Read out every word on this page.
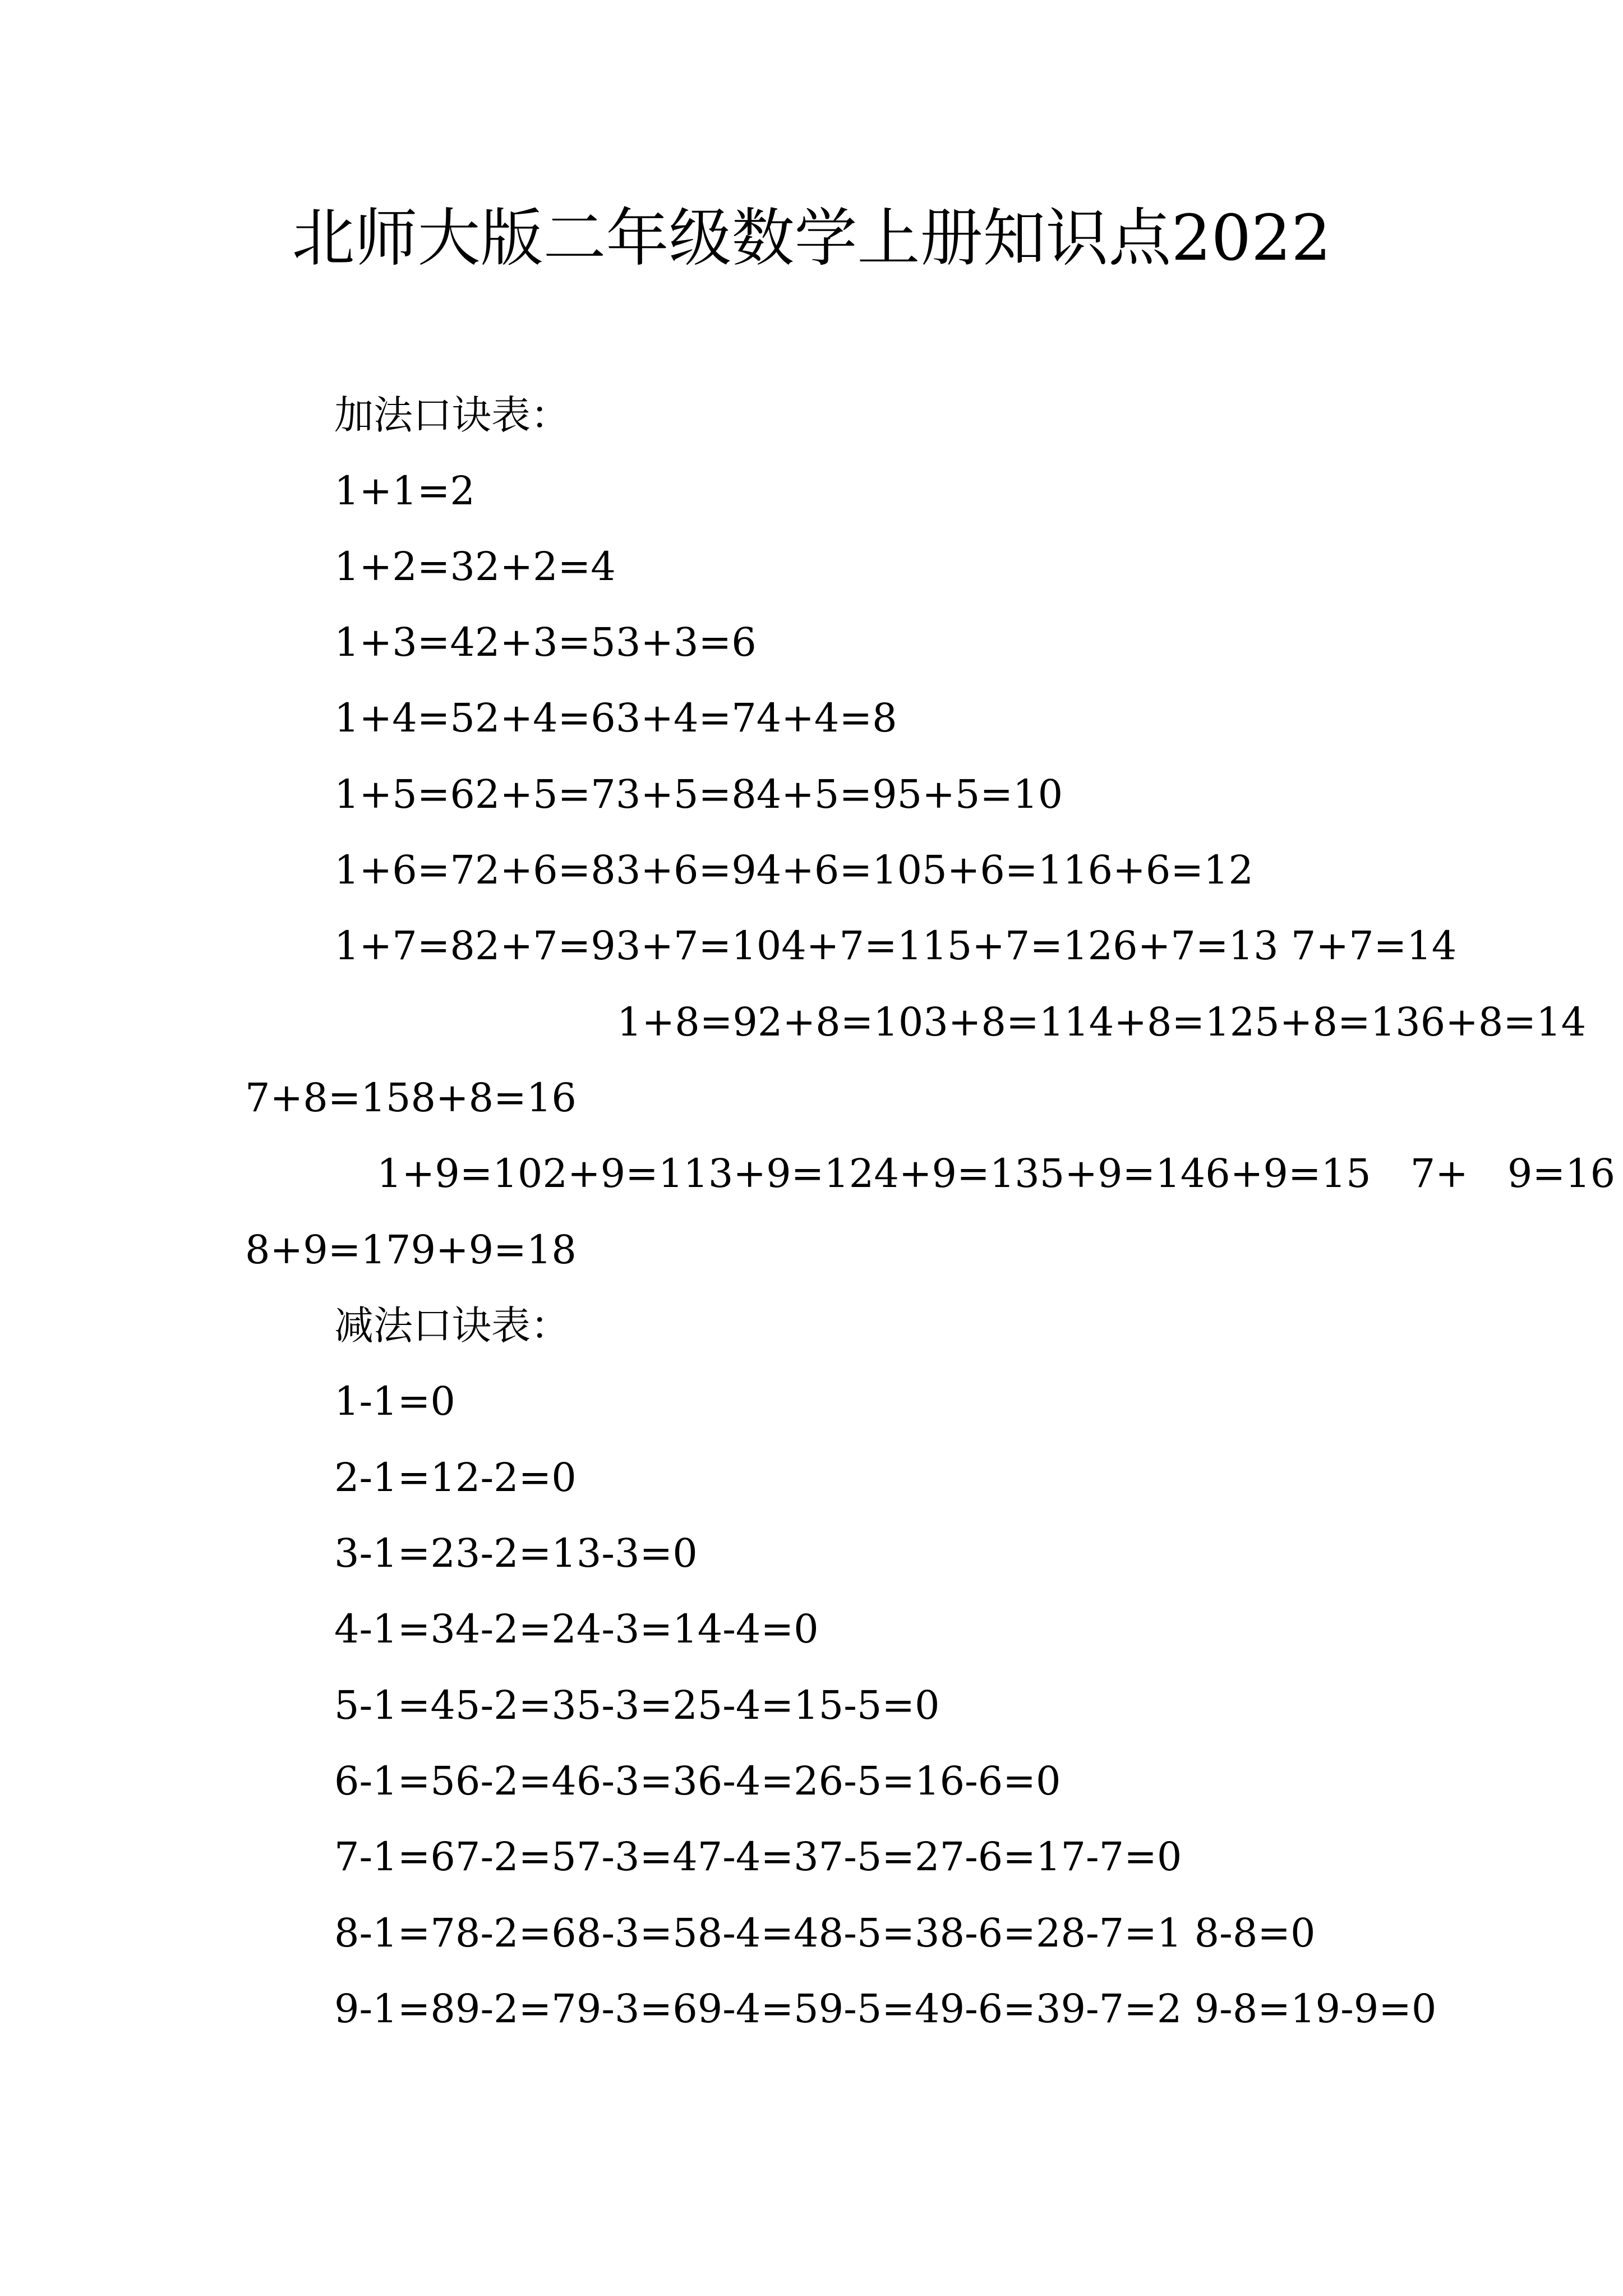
北师大版二年级数学上册知识点2022
加法口诀表：
1+1=2
1+2=32+2=4
1+3=42+3=53+3=6
1+4=52+4=63+4=74+4=8
1+5=62+5=73+5=84+5=95+5=10
1+6=72+6=83+6=94+6=105+6=116+6=12
1+7=82+7=93+7=104+7=115+7=126+7=13 7+7=14
1+8=92+8=103+8=114+8=125+8=136+8=14
7+8=158+8=16
1+9=102+9=113+9=124+9=135+9=146+9=15 7+ 9=16
8+9=179+9=18
减法口诀表：
1-1=0
2-1=12-2=0
3-1=23-2=13-3=0
4-1=34-2=24-3=14-4=0
5-1=45-2=35-3=25-4=15-5=0
6-1=56-2=46-3=36-4=26-5=16-6=0
7-1=67-2=57-3=47-4=37-5=27-6=17-7=0
8-1=78-2=68-3=58-4=48-5=38-6=28-7=1 8-8=0
9-1=89-2=79-3=69-4=59-5=49-6=39-7=2 9-8=19-9=0
